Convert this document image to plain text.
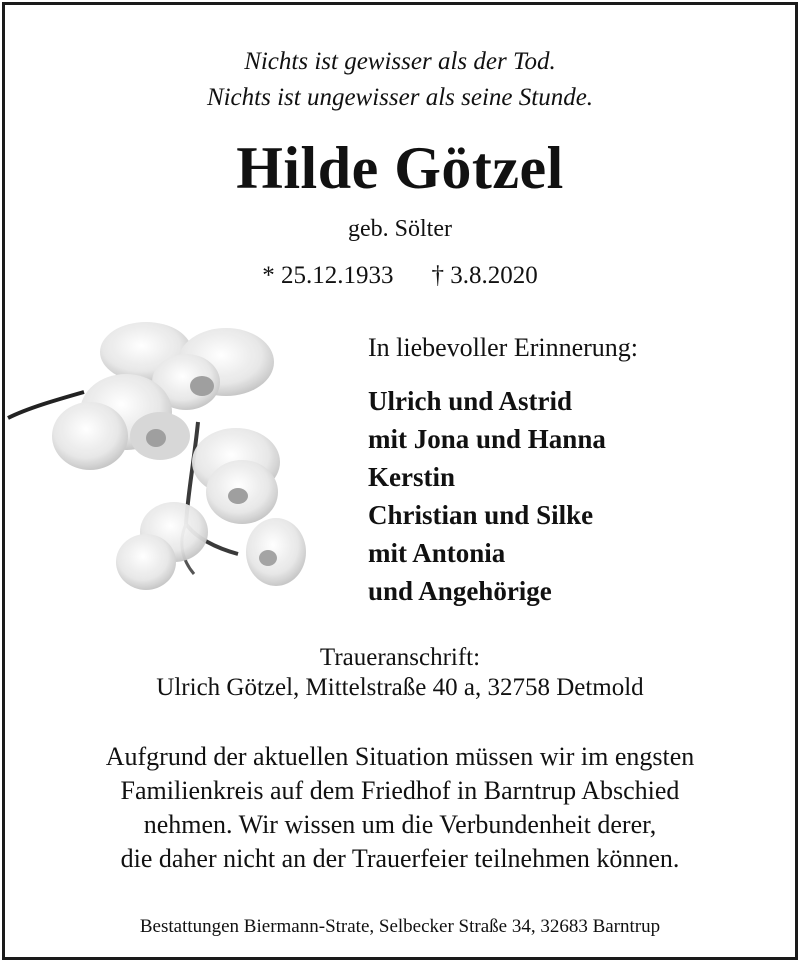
Nichts ist gewisser als der Tod.
Nichts ist ungewisser als seine Stunde.
Hilde Götzel
geb. Sölter
* 25.12.1933 † 3.8.2020
In liebevoller Erinnerung:
Ulrich und Astrid
mit Jona und Hanna
Kerstin
Christian und Silke
mit Antonia
und Angehörige
Traueranschrift:
Ulrich Götzel, Mittelstraße 40 a, 32758 Detmold
Aufgrund der aktuellen Situation müssen wir im engsten
Familienkreis auf dem Friedhof in Barntrup Abschied
nehmen. Wir wissen um die Verbundenheit derer,
die daher nicht an der Trauerfeier teilnehmen können.
Bestattungen Biermann-Strate, Selbecker Straße 34, 32683 Barntrup
